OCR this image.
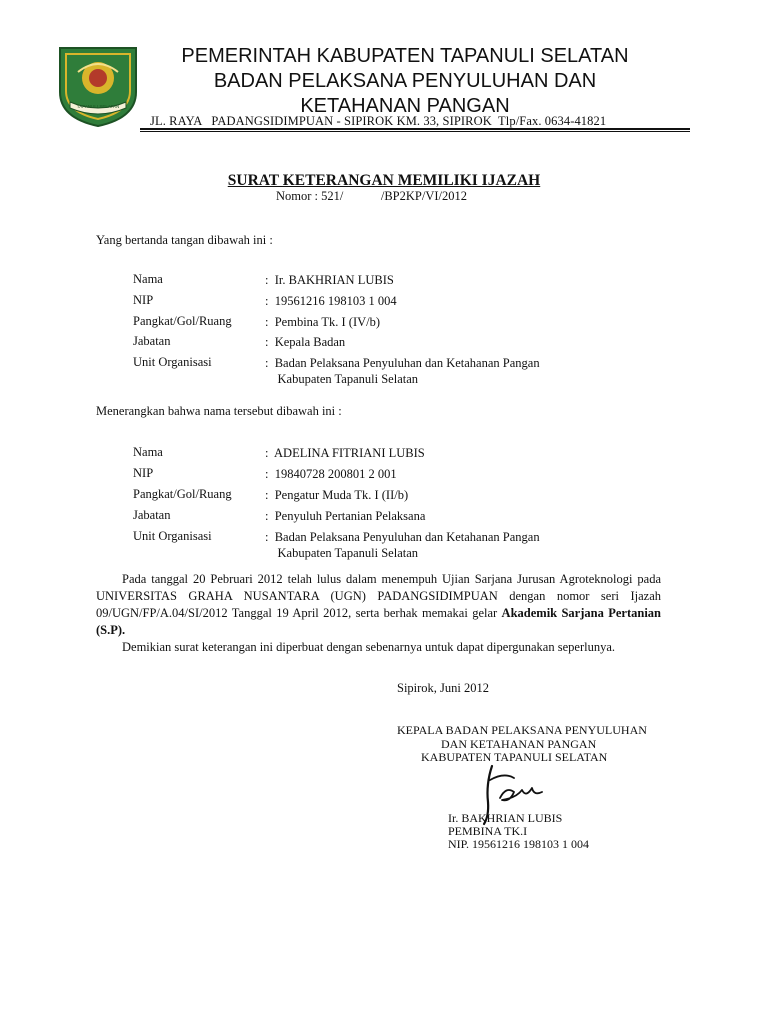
TAPANULI SELATAN
PEMERINTAH KABUPATEN TAPANULI SELATAN
BADAN PELAKSANA PENYULUHAN DAN
KETAHANAN PANGAN
JL. RAYA   PADANGSIDIMPUAN - SIPIROK KM. 33, SIPIROK  Tlp/Fax. 0634-41821
SURAT KETERANGAN MEMILIKI IJAZAH
Nomor : 521/            /BP2KP/VI/2012
Yang bertanda tangan dibawah ini :
Nama	:  Ir. BAKHRIAN LUBIS
NIP	:  19561216 198103 1 004
Pangkat/Gol/Ruang	:  Pembina Tk. I (IV/b)
Jabatan	:  Kepala Badan
Unit Organisasi	:  Badan Pelaksana Penyuluhan dan Ketahanan Pangan
Kabupaten Tapanuli Selatan
Menerangkan bahwa nama tersebut dibawah ini :
Nama	:  ADELINA FITRIANI LUBIS
NIP	:  19840728 200801 2 001
Pangkat/Gol/Ruang	:  Pengatur Muda Tk. I (II/b)
Jabatan	:  Penyuluh Pertanian Pelaksana
Unit Organisasi	:  Badan Pelaksana Penyuluhan dan Ketahanan Pangan
Kabupaten Tapanuli Selatan

Pada tanggal 20 Pebruari 2012 telah lulus dalam menempuh Ujian Sarjana Jurusan Agroteknologi pada UNIVERSITAS GRAHA NUSANTARA (UGN) PADANGSIDIMPUAN dengan nomor seri Ijazah 09/UGN/FP/A.04/SI/2012 Tanggal 19 April 2012, serta berhak memakai gelar Akademik Sarjana Pertanian (S.P).

Demikian surat keterangan ini diperbuat dengan sebenarnya untuk dapat dipergunakan seperlunya.

Sipirok, Juni 2012
KEPALA BADAN PELAKSANA PENYULUHAN
DAN KETAHANAN PANGAN
KABUPATEN TAPANULI SELATAN
Ir. BAKHRIAN LUBIS
PEMBINA TK.I
NIP. 19561216 198103 1 004
